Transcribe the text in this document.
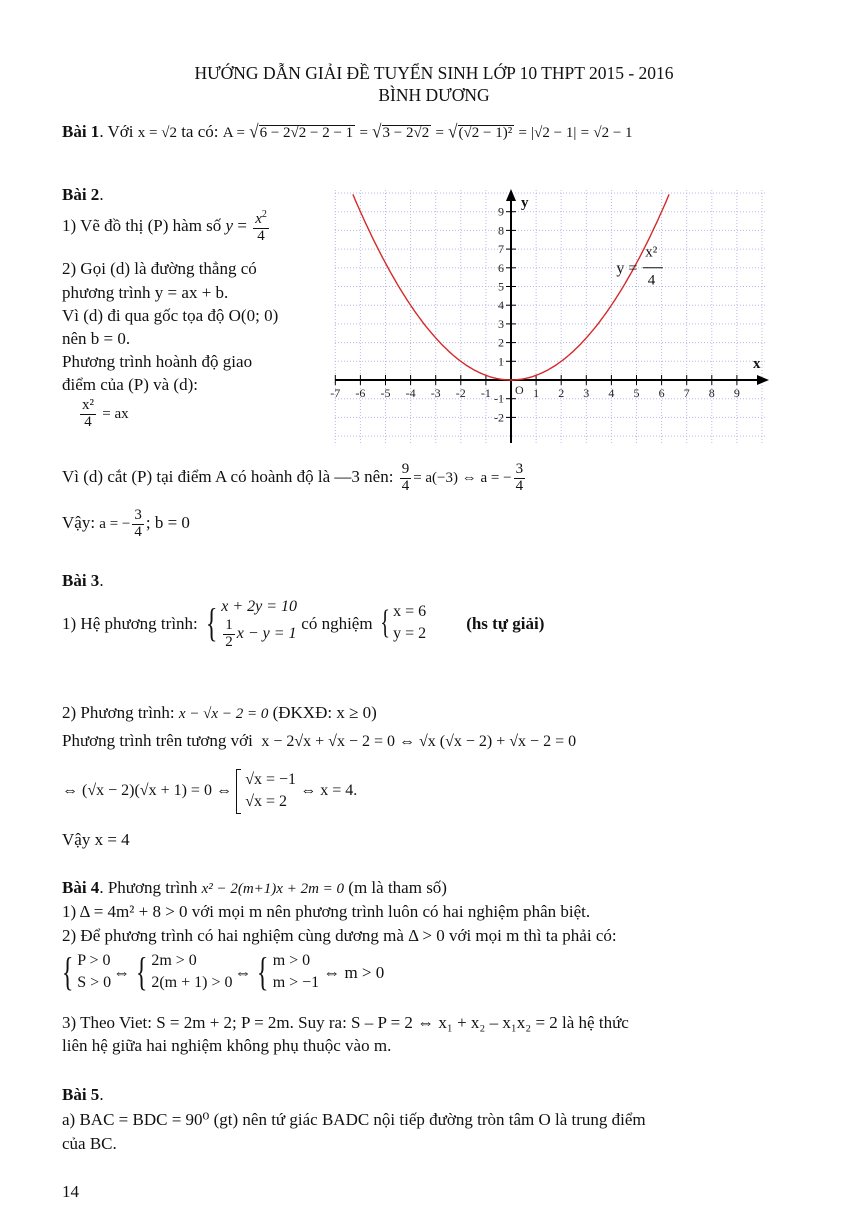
HƯỚNG DẪN GIẢI ĐỀ TUYỂN SINH LỚP 10 THPT 2015 - 2016
BÌNH DƯƠNG
Bài 1. Với x = √2 ta có: A = √6 − 2√2 − 2 − 1 = √3 − 2√2 = √(√2 − 1)² = |√2 − 1| = √2 − 1
Bài 2.
1) Vẽ đồ thị (P) hàm số $y = \frac{x^2}{4}$
2) Gọi (d) là đường thẳng có
phương trình y = ax + b.
Vì (d) đi qua gốc tọa độ O(0; 0)
nên b = 0.
Phương trình hoành độ giao
điểm của (P) và (d):
$\frac{\text{x²}}{4}$ = ax
-7 -6 -5 -4 -3 -2 -1	1 2 3 4 5 6 7 8 9
-2
-1
1
2
3
4
5
6
7
8
9
O
x
y
y =
x²
4
Vì (d) cắt (P) tại điểm A có hoành độ là —3 nên: $\frac{9}{4} = a(-3)$ ⇔ a = − $\frac{3}{4}$
Vậy: a = − $\frac{3}{4}$ ; b = 0
Bài 3.
1) Hệ phương trình:
{ x + 2y = 10
$\frac{1}{2}$ x − y = 1

có nghiệm
{ x = 6
y = 2
(hs tự giải)
2) Phương trình: x − √x − 2 = 0 (ĐKXĐ: x ≥ 0)
Phương trình trên tương với x − 2√x + √x − 2 = 0 ⇔ √x (√x − 2) + √x − 2 = 0
⇔ (√x − 2)(√x + 1) = 0 ⇔

√x = −1
√x = 2

⇔ x = 4.
Vậy x = 4
Bài 4. Phương trình x² − 2(m+1)x + 2m = 0 (m là tham số)
1) Δ = 4m² + 8 > 0 với mọi m nên phương trình luôn có hai nghiệm phân biệt.
2) Để phương trình có hai nghiệm cùng dương mà Δ > 0 với mọi m thì ta phải có:
{ P > 0
S > 0
⇔ { 2m > 0
2(m + 1) > 0
⇔ { m > 0
m > −1
⇔ m > 0
3) Theo Viet: S = 2m + 2; P = 2m. Suy ra: S – P = 2 ⇔ x₁ + x₂ – x₁x₂ = 2 là hệ thức
liên hệ giữa hai nghiệm không phụ thuộc vào m.
Bài 5.
a) BAC = BDC = 90⁰ (gt) nên tứ giác BADC nội tiếp đường tròn tâm O là trung điểm
của BC.
14
